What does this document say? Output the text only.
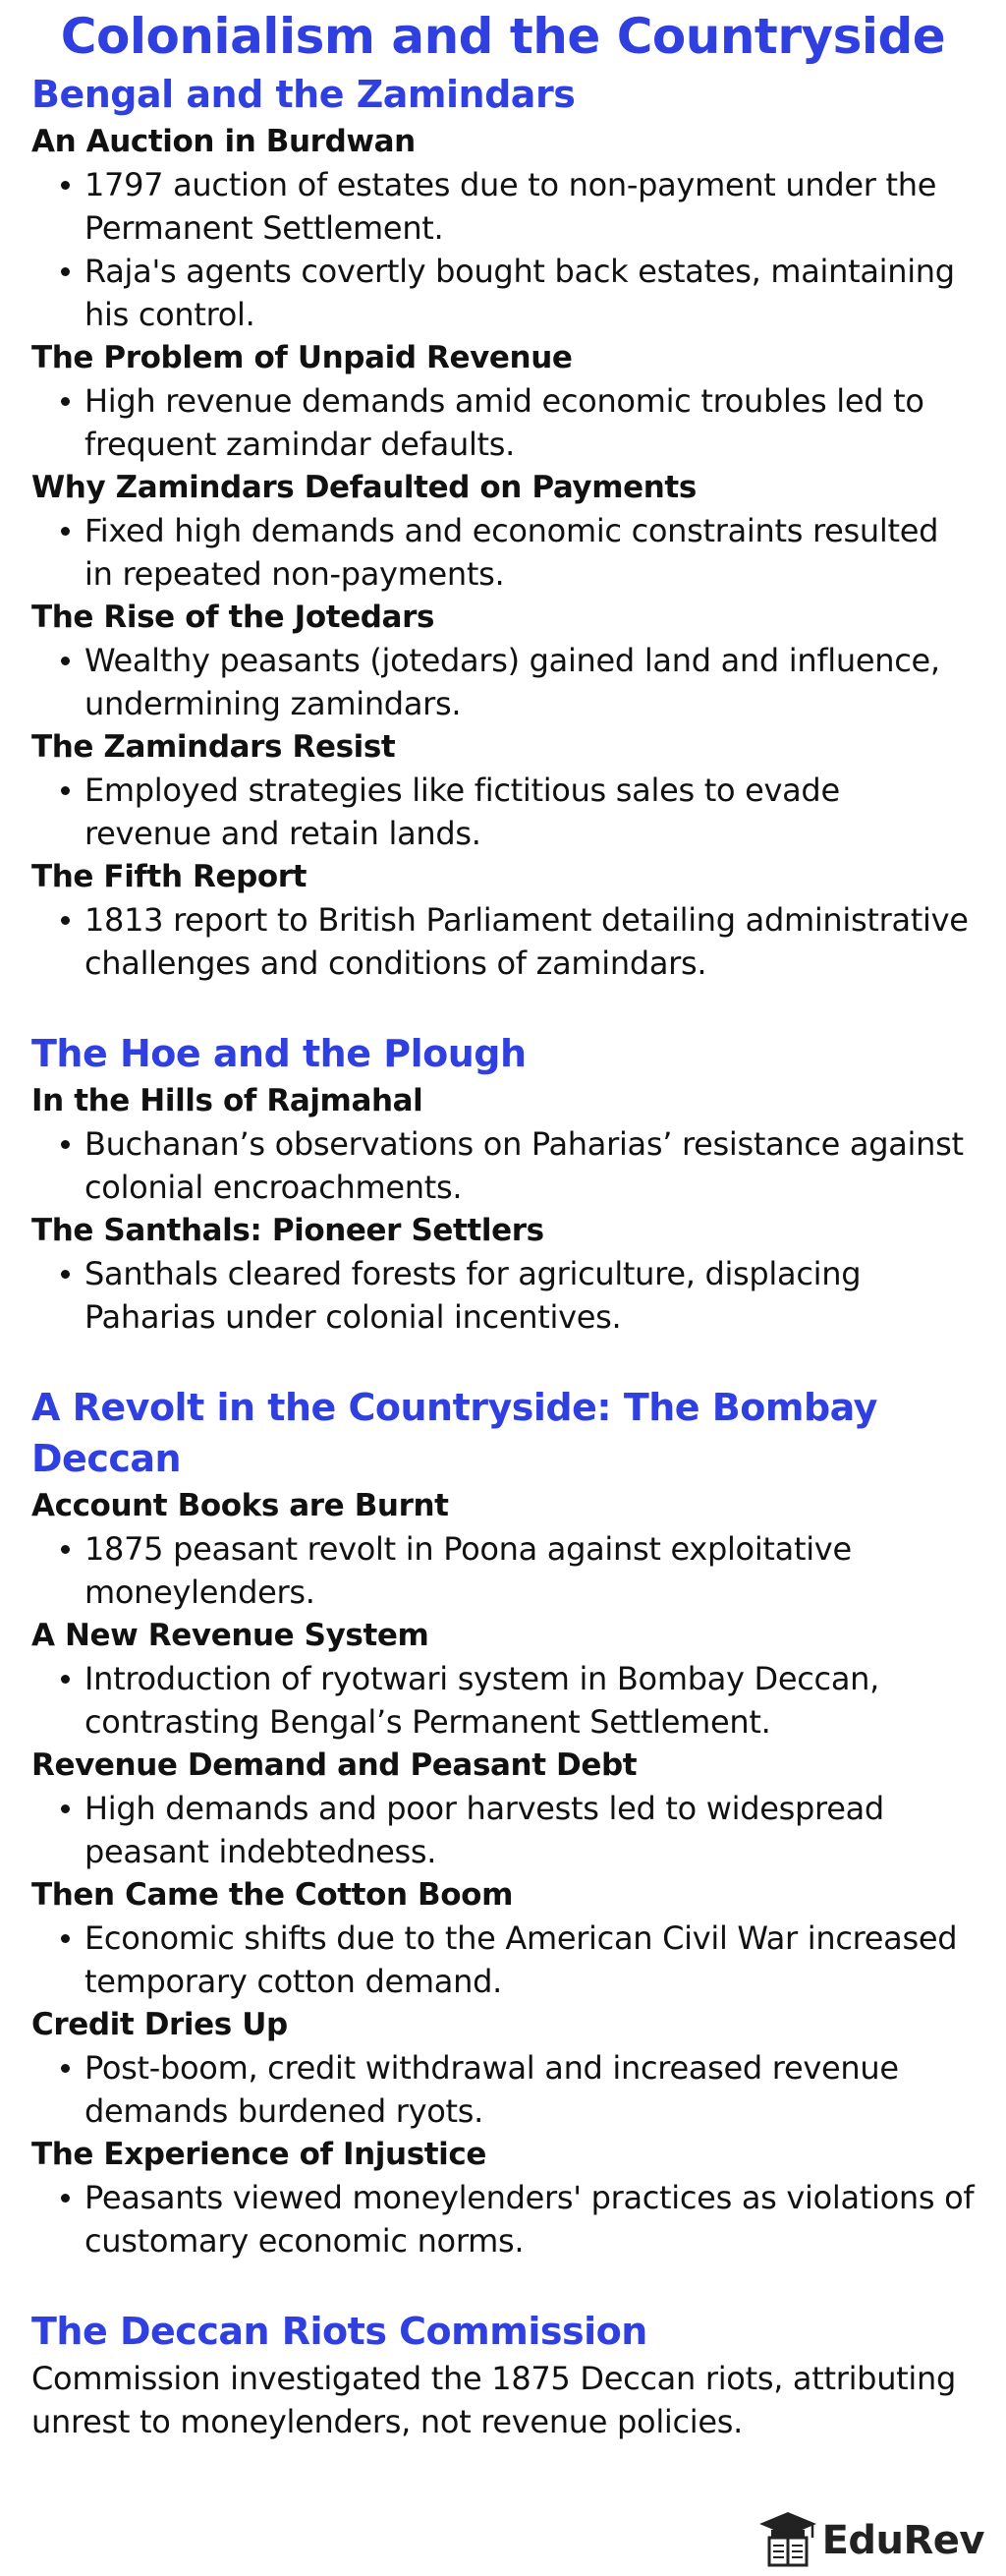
Colonialism and the Countryside
Bengal and the Zamindars
An Auction in Burdwan
1797 auction of estates due to non-payment under the Permanent Settlement.
Raja's agents covertly bought back estates, maintaining his control.
The Problem of Unpaid Revenue
High revenue demands amid economic troubles led to frequent zamindar defaults.
Why Zamindars Defaulted on Payments
Fixed high demands and economic constraints resulted in repeated non-payments.
The Rise of the Jotedars
Wealthy peasants (jotedars) gained land and influence, undermining zamindars.
The Zamindars Resist
Employed strategies like fictitious sales to evade revenue and retain lands.
The Fifth Report
1813 report to British Parliament detailing administrative challenges and conditions of zamindars.
The Hoe and the Plough
In the Hills of Rajmahal
Buchanan’s observations on Paharias’ resistance against colonial encroachments.
The Santhals: Pioneer Settlers
Santhals cleared forests for agriculture, displacing Paharias under colonial incentives.
A Revolt in the Countryside: The Bombay Deccan
Account Books are Burnt
1875 peasant revolt in Poona against exploitative moneylenders.
A New Revenue System
Introduction of ryotwari system in Bombay Deccan, contrasting Bengal’s Permanent Settlement.
Revenue Demand and Peasant Debt
High demands and poor harvests led to widespread peasant indebtedness.
Then Came the Cotton Boom
Economic shifts due to the American Civil War increased temporary cotton demand.
Credit Dries Up
Post-boom, credit withdrawal and increased revenue demands burdened ryots.
The Experience of Injustice
Peasants viewed moneylenders' practices as violations of customary economic norms.
The Deccan Riots Commission

Commission investigated the 1875 Deccan riots, attributing unrest to moneylenders, not revenue policies.

EduRev
